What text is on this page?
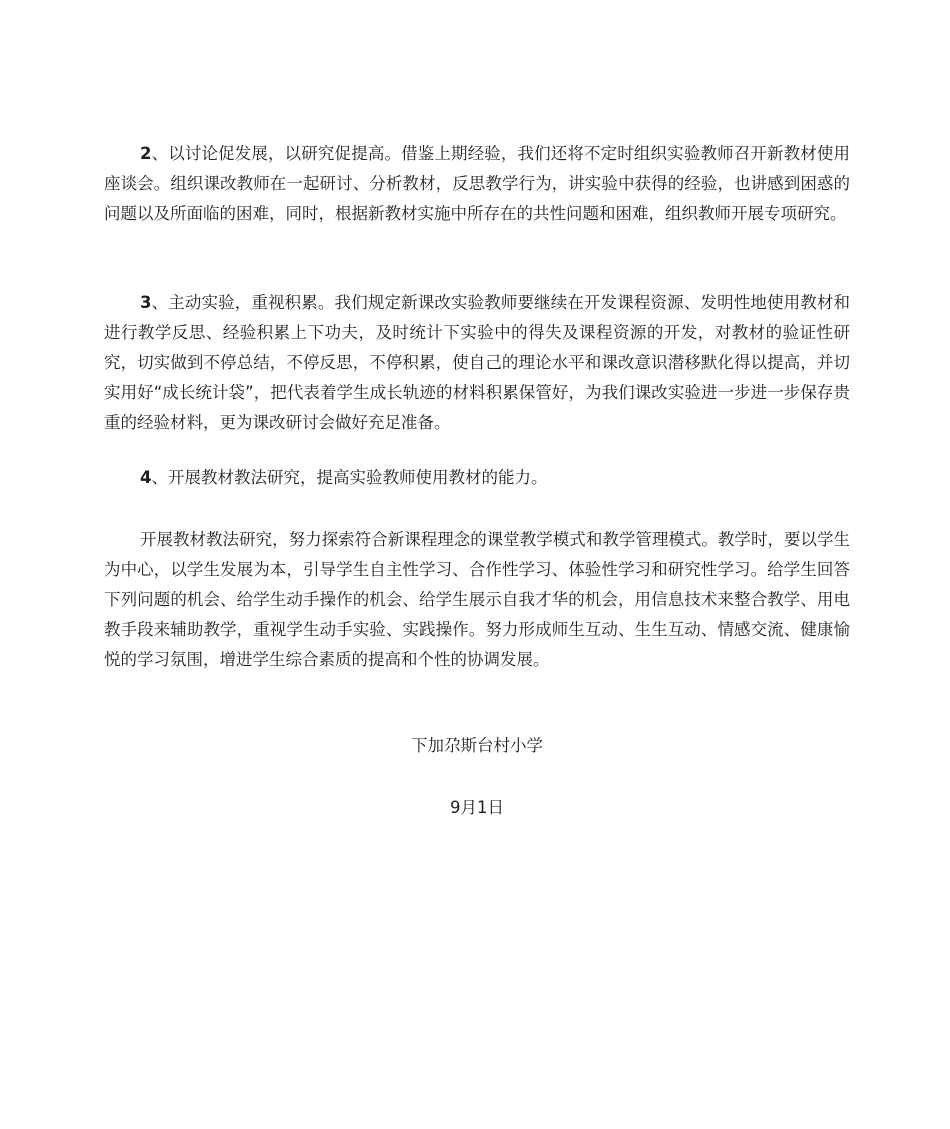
2、以讨论促发展，以研究促提高。借鉴上期经验，我们还将不定时组织实验教师召开新教材使用座谈会。组织课改教师在一起研讨、分析教材，反思教学行为，讲实验中获得的经验，也讲感到困惑的问题以及所面临的困难，同时，根据新教材实施中所存在的共性问题和困难，组织教师开展专项研究。

3、主动实验，重视积累。我们规定新课改实验教师要继续在开发课程资源、发明性地使用教材和进行教学反思、经验积累上下功夫，及时统计下实验中的得失及课程资源的开发，对教材的验证性研究，切实做到不停总结，不停反思，不停积累，使自己的理论水平和课改意识潜移默化得以提高，并切实用好“成长统计袋”，把代表着学生成长轨迹的材料积累保管好，为我们课改实验进一步进一步保存贵重的经验材料，更为课改研讨会做好充足准备。

4、开展教材教法研究，提高实验教师使用教材的能力。

开展教材教法研究，努力探索符合新课程理念的课堂教学模式和教学管理模式。教学时，要以学生为中心，以学生发展为本，引导学生自主性学习、合作性学习、体验性学习和研究性学习。给学生回答下列问题的机会、给学生动手操作的机会、给学生展示自我才华的机会，用信息技术来整合教学、用电教手段来辅助教学，重视学生动手实验、实践操作。努力形成师生互动、生生互动、情感交流、健康愉悦的学习氛围，增进学生综合素质的提高和个性的协调发展。

下加尕斯台村小学
9月1日
